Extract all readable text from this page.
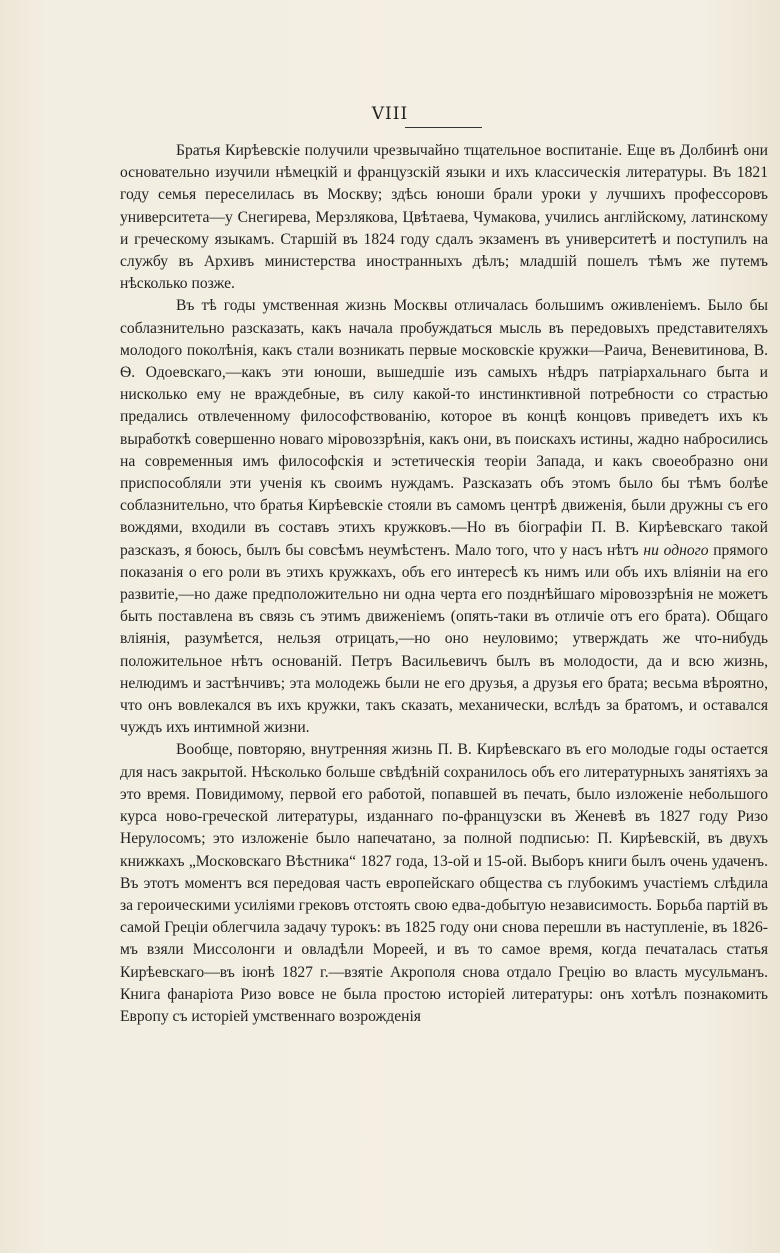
VIII

Братья Кирѣевскіе получили чрезвычайно тщательное воспитаніе. Еще въ Долбинѣ они основательно изучили нѣмецкій и французскій языки и ихъ классическія литературы. Въ 1821 году семья переселилась въ Москву; здѣсь юноши брали уроки у лучшихъ профессоровъ университета—у Снегирева, Мерзлякова, Цвѣтаева, Чумакова, учились англійскому, латинскому и греческому языкамъ. Старшій въ 1824 году сдалъ экзаменъ въ университетѣ и поступилъ на службу въ Архивъ министерства иностранныхъ дѣлъ; младшій пошелъ тѣмъ же путемъ нѣсколько позже.

Въ тѣ годы умственная жизнь Москвы отличалась большимъ оживленіемъ. Было бы соблазнительно разсказать, какъ начала пробуждаться мысль въ передовыхъ представителяхъ молодого поколѣнія, какъ стали возникать первые московскіе кружки—Раича, Веневитинова, В. Ѳ. Одоевскаго,—какъ эти юноши, вышедшіе изъ самыхъ нѣдръ патріархальнаго быта и нисколько ему не враждебные, въ силу какой-то инстинктивной потребности со страстью предались отвлеченному философствованію, которое въ концѣ концовъ приведетъ ихъ къ выработкѣ совершенно новаго міровоззрѣнія, какъ они, въ поискахъ истины, жадно набросились на современныя имъ философскія и эстетическія теоріи Запада, и какъ своеобразно они приспособляли эти ученія къ своимъ нуждамъ. Разсказать объ этомъ было бы тѣмъ болѣе соблазнительно, что братья Кирѣевскіе стояли въ самомъ центрѣ движенія, были дружны съ его вождями, входили въ составъ этихъ кружковъ.—Но въ біографіи П. В. Кирѣевскаго такой разсказъ, я боюсь, былъ бы совсѣмъ неумѣстенъ. Мало того, что у насъ нѣтъ ни одного прямого показанія о его роли въ этихъ кружкахъ, объ его интересѣ къ нимъ или объ ихъ вліяніи на его развитіе,—но даже предположительно ни одна черта его позднѣйшаго міровоззрѣнія не можетъ быть поставлена въ связь съ этимъ движеніемъ (опять-таки въ отличіе отъ его брата). Общаго вліянія, разумѣется, нельзя отрицать,—но оно неуловимо; утверждать же что-нибудь положительное нѣтъ основаній. Петръ Васильевичъ былъ въ молодости, да и всю жизнь, нелюдимъ и застѣнчивъ; эта молодежь были не его друзья, а друзья его брата; весьма вѣроятно, что онъ вовлекался въ ихъ кружки, такъ сказать, механически, вслѣдъ за братомъ, и оставался чуждъ ихъ интимной жизни.

Вообще, повторяю, внутренняя жизнь П. В. Кирѣевскаго въ его молодые годы остается для насъ закрытой. Нѣсколько больше свѣдѣній сохранилось объ его литературныхъ занятіяхъ за это время. Повидимому, первой его работой, попавшей въ печать, было изложеніе небольшого курса ново-греческой литературы, изданнаго по-французски въ Женевѣ въ 1827 году Ризо Нерулосомъ; это изложеніе было напечатано, за полной подписью: П. Кирѣевскій, въ двухъ книжкахъ „Московскаго Вѣстника“ 1827 года, 13-ой и 15-ой. Выборъ книги былъ очень удаченъ. Въ этотъ моментъ вся передовая часть европейскаго общества съ глубокимъ участіемъ слѣдила за героическими усиліями грековъ отстоять свою едва-добытую независимость. Борьба партій въ самой Греціи облегчила задачу турокъ: въ 1825 году они снова перешли въ наступленіе, въ 1826-мъ взяли Миссолонги и овладѣли Мореей, и въ то самое время, когда печаталась статья Кирѣевскаго—въ іюнѣ 1827 г.—взятіе Акрополя снова отдало Грецію во власть мусульманъ. Книга фанаріота Ризо вовсе не была простою исторіей литературы: онъ хотѣлъ познакомить Европу съ исторіей умственнаго возрожденія
